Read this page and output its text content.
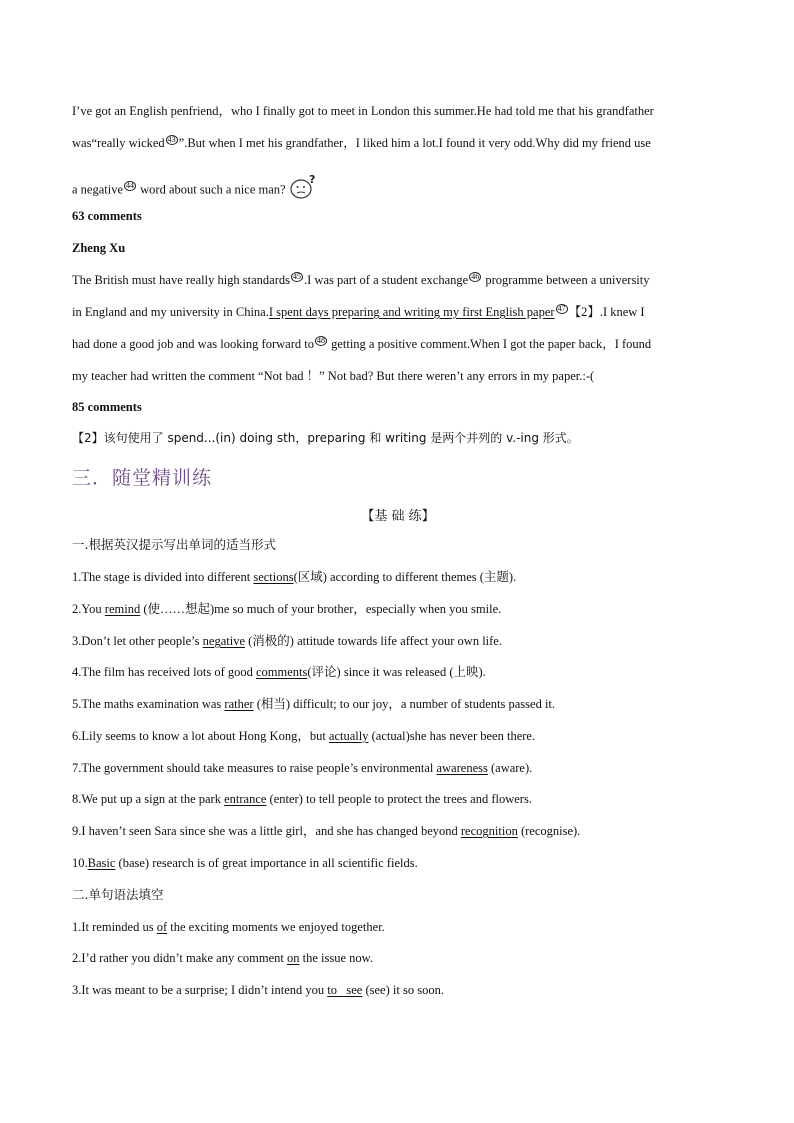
I’ve got an English penfriend，who I finally got to meet in London this summer.He had told me that his grandfather
was“really wicked 43 ”.But when I met his grandfather，I liked him a lot.I found it very odd.Why did my friend use
a negative 44 word about such a nice man?
?
63 comments
Zheng Xu
The British must have really high standards 45 .I was part of a student exchange 46 programme between a university
in England and my university in China.I spent days preparing and writing my first English paper 47 【2】.I knew I
had done a good job and was looking forward to 48 getting a positive comment.When I got the paper back，I found
my teacher had written the comment “Not bad ！” Not bad? But there weren’t any errors in my paper.:-(
85 comments
【2】该句使用了 spend...(in) doing sth，preparing 和 writing 是两个并列的 v.-ing 形式。
三．随堂精训练
【基 础 练】
一.根据英汉提示写出单词的适当形式
1.The stage is divided into different sections(区域) according to different themes (主题).
2.You remind (使……想起)me so much of your brother，especially when you smile.
3.Don’t let other people’s negative (消极的) attitude towards life affect your own life.
4.The film has received lots of good comments(评论) since it was released (上映).
5.The maths examination was rather (相当) difficult; to our joy，a number of students passed it.
6.Lily seems to know a lot about Hong Kong，but actually (actual)she has never been there.
7.The government should take measures to raise people’s environmental awareness (aware).
8.We put up a sign at the park entrance (enter) to tell people to protect the trees and flowers.
9.I haven’t seen Sara since she was a little girl，and she has changed beyond recognition (recognise).
10.Basic (base) research is of great importance in all scientific fields.
二.单句语法填空
1.It reminded us of the exciting moments we enjoyed together.
2.I’d rather you didn’t make any comment on the issue now.
3.It was meant to be a surprise; I didn’t intend you to see (see) it so soon.
